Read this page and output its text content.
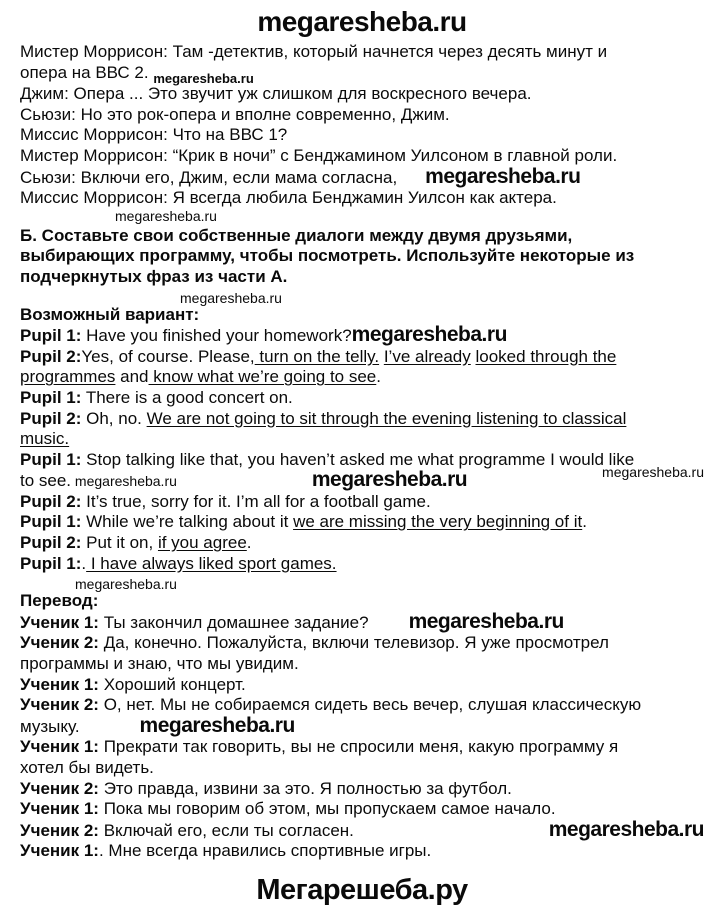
megaresheba.ru
Мистер Моррисон: Там -детектив, который начнется через десять минут и
опера на ВВС 2. $_{megaresheba.ru}$
Джим: Опера ... Это звучит уж слишком для воскресного вечера.
Сьюзи: Но это рок-опера и вполне современно, Джим.
Миссис Моррисон: Что на ВВС 1?
Мистер Моррисон: “Крик в ночи” с Бенджамином Уилсоном в главной роли.
Сьюзи: Включи его, Джим, если мама согласна, megaresheba.ru
Миссис Моррисон: Я всегда любила Бенджамин Уилсон как актера.
megaresheba.ru
Б. Составьте свои собственные диалоги между двумя друзьями,
выбирающих программу, чтобы посмотреть. Используйте некоторые из
подчеркнутых фраз из части А.
megaresheba.ru
Возможный вариант:
Pupil 1: Have you finished your homework?megaresheba.ru
Pupil 2:Yes, of course. Please, turn on the telly. I’ve already looked through the
programmes and know what we’re going to see.
Pupil 1: There is a good concert on.
Pupil 2: Oh, no. We are not going to sit through the evening listening to classical
music.
Pupil 1: Stop talking like that, you haven’t asked me what programme I would like
to see. megaresheba.ru	megaresheba.ru	megaresheba.ru
Pupil 2: It’s true, sorry for it. I’m all for a football game.
Pupil 1: While we’re talking about it we are missing the very beginning of it.
Pupil 2: Put it on, if you agree.
Pupil 1:. I have always liked sport games.
megaresheba.ru
Перевод:
Ученик 1: Ты закончил домашнее задание? megaresheba.ru
Ученик 2: Да, конечно. Пожалуйста, включи телевизор. Я уже просмотрел
программы и знаю, что мы увидим.
Ученик 1: Хороший концерт.
Ученик 2: О, нет. Мы не собираемся сидеть весь вечер, слушая классическую
музыку.	megaresheba.ru
Ученик 1: Прекрати так говорить, вы не спросили меня, какую программу я
хотел бы видеть.
Ученик 2: Это правда, извини за это. Я полностью за футбол.
Ученик 1: Пока мы говорим об этом, мы пропускаем самое начало.
Ученик 2: Включай его, если ты согласен.	megaresheba.ru
Ученик 1:. Мне всегда нравились спортивные игры.
Мегарешеба.ру
